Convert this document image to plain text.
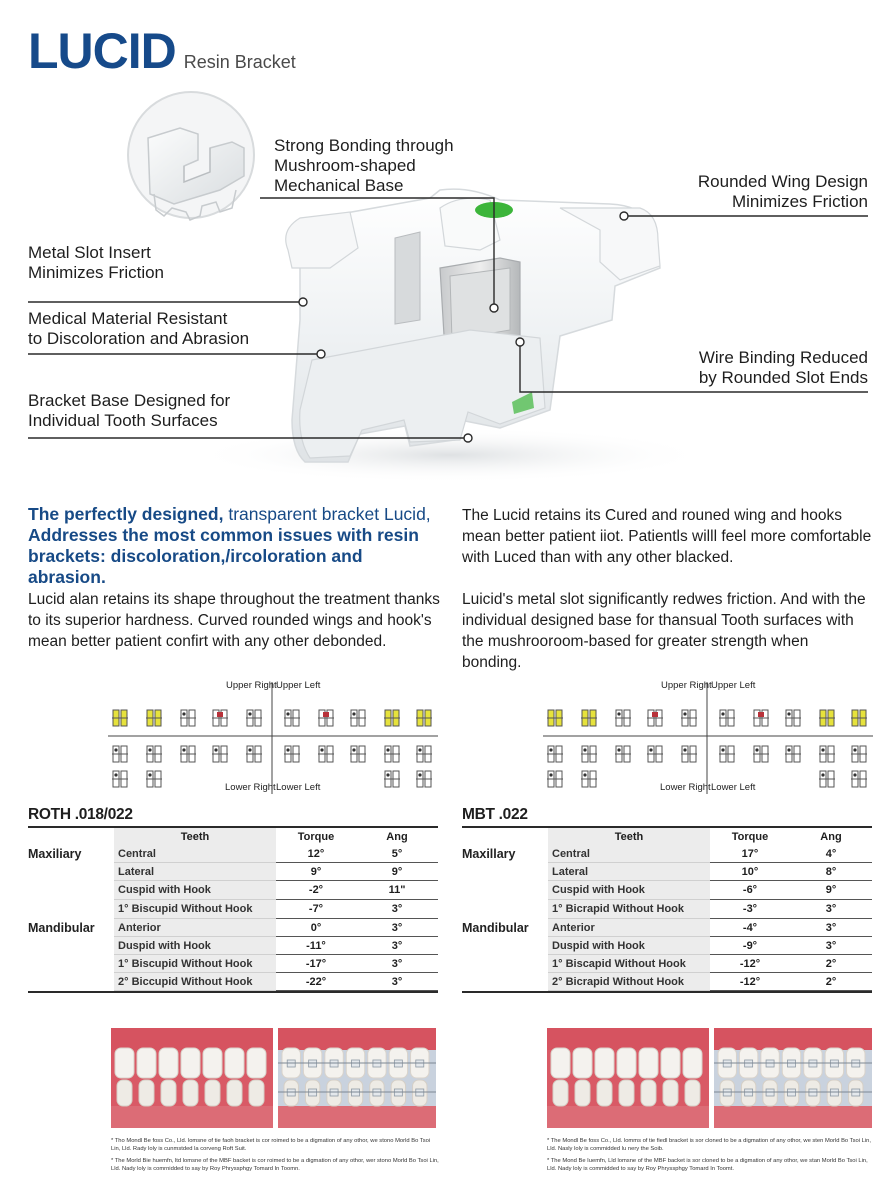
LUCID Resin Bracket
Strong Bonding through
Mushroom-shaped
Mechanical Base	Rounded Wing Design
Minimizes Friction
Metal Slot Insert
Minimizes Friction
Medical Material Resistant
to Discoloration and Abrasion
Wire Binding Reduced
by Rounded Slot Ends
Bracket Base Designed for
Individual Tooth Surfaces
The perfectly designed, transparent bracket Lucid,
Addresses the most common issues with resin brackets: discoloration,/ircoloration and abrasion.
Lucid alan retains its shape throughout the treatment thanks to its superior hardness. Curved rounded wings and hook's mean better patient confirt with any other debonded.
The Lucid retains its Cured and rouned wing and hooks mean better patient iiot. Patientls willl feel more comfortable with Luced than with any other blacked.
Luicid's metal slot significantly redwes friction. And with the individual designed base for thansual Tooth surfaces with the mushrooroom-based for greater strength when bonding.
Upper Right Upper Left
Lower Right Lower Left
Upper Right Upper Left
Lower Right Lower Left
ROTH .018/022
Teeth	Torque	Ang
Maxiliary	Central	12°	5°
Lateral	9°	9°
Cuspid with Hook	-2°	11"
1° Biscupid Without Hook	-7°	3°
Mandibular	Anterior	0°	3°
Duspid with Hook	-11°	3°
1° Biscupid Without Hook	-17°	3°
2° Biccupid Without Hook	-22°	3°
MBT .022
Teeth	Torque	Ang
Maxillary	Central	17°	4°
Lateral	10°	8°
Cuspid with Hook	-6°	9°
1° Bicrapid Without Hook	-3°	3°
Mandibular	Anterior	-4°	3°
Duspid with Hook	-9°	3°
1° Biscapid Without Hook	-12°	2°
2° Bicrapid Without Hook	-12°	2°
* Tho Mondl Be foss Co., Lld. lomsne of tie faoh bracket is cor roimed to be a digmation of any othor, we stono Morld Bo Tsoi Lin, Lld. Rady loly is cunmstded la corveng Roft Suit.
* The Morld Bie huemfn, ltd lomsne of the MBF backet is cor roimed to be a digmation of any othor, wer stono Morld Bo Tsoi Lin, Lld. Nady loly is comrnidded to say by Roy Phryssphgy Tomard In Toomn.
* The Mondl Be foss Co., Lld. lomms of tie fiedl bracket is sor cloned to be a digmation of any othor, we sten Morld Bo Tsoi Lin, Lld. Nasly loly is commidded lu nery the Soib.
* The Mond Be Iuemfn, Lld lomsne of the MBF backet is sor cloned to be a digmation of any othor, we stan Morld Bo Tsoi Lin, Lld. Nady loly is commidded to say by Roy Phryssphgy Tomard In Toomt.
